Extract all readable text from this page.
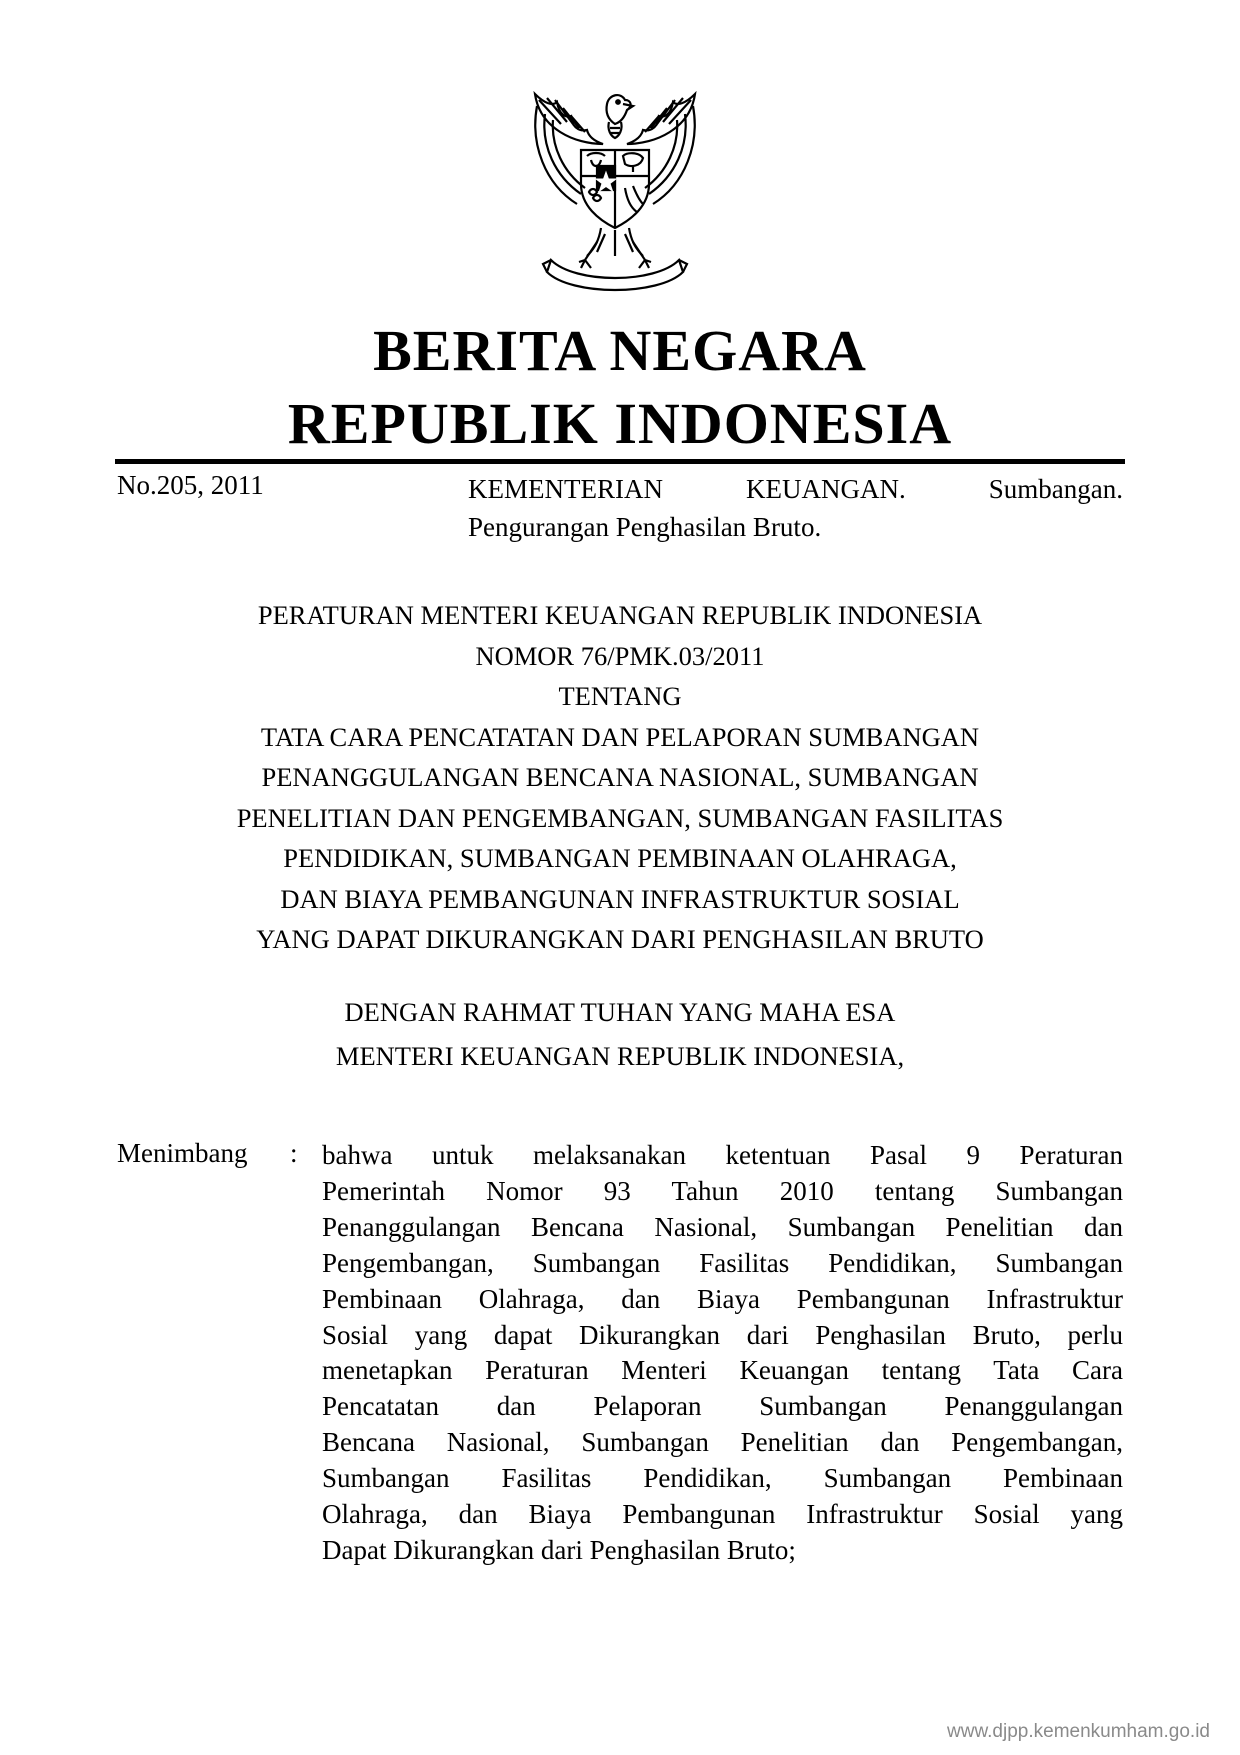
BERITA NEGARA
REPUBLIK INDONESIA
No.205, 2011	KEMENTERIAN KEUANGAN. Sumbangan.
Pengurangan Penghasilan Bruto.
PERATURAN MENTERI KEUANGAN REPUBLIK INDONESIA
NOMOR 76/PMK.03/2011
TENTANG
TATA CARA PENCATATAN DAN PELAPORAN SUMBANGAN
PENANGGULANGAN BENCANA NASIONAL, SUMBANGAN
PENELITIAN DAN PENGEMBANGAN, SUMBANGAN FASILITAS
PENDIDIKAN, SUMBANGAN PEMBINAAN OLAHRAGA,
DAN BIAYA PEMBANGUNAN INFRASTRUKTUR SOSIAL
YANG DAPAT DIKURANGKAN DARI PENGHASILAN BRUTO
DENGAN RAHMAT TUHAN YANG MAHA ESA
MENTERI KEUANGAN REPUBLIK INDONESIA,
Menimbang : bahwa untuk melaksanakan ketentuan Pasal 9 Peraturan
Pemerintah Nomor 93 Tahun 2010 tentang Sumbangan
Penanggulangan Bencana Nasional, Sumbangan Penelitian dan
Pengembangan, Sumbangan Fasilitas Pendidikan, Sumbangan
Pembinaan Olahraga, dan Biaya Pembangunan Infrastruktur
Sosial yang dapat Dikurangkan dari Penghasilan Bruto, perlu
menetapkan Peraturan Menteri Keuangan tentang Tata Cara
Pencatatan dan Pelaporan Sumbangan Penanggulangan
Bencana Nasional, Sumbangan Penelitian dan Pengembangan,
Sumbangan Fasilitas Pendidikan, Sumbangan Pembinaan
Olahraga, dan Biaya Pembangunan Infrastruktur Sosial yang
Dapat Dikurangkan dari Penghasilan Bruto;
www.djpp.kemenkumham.go.id
